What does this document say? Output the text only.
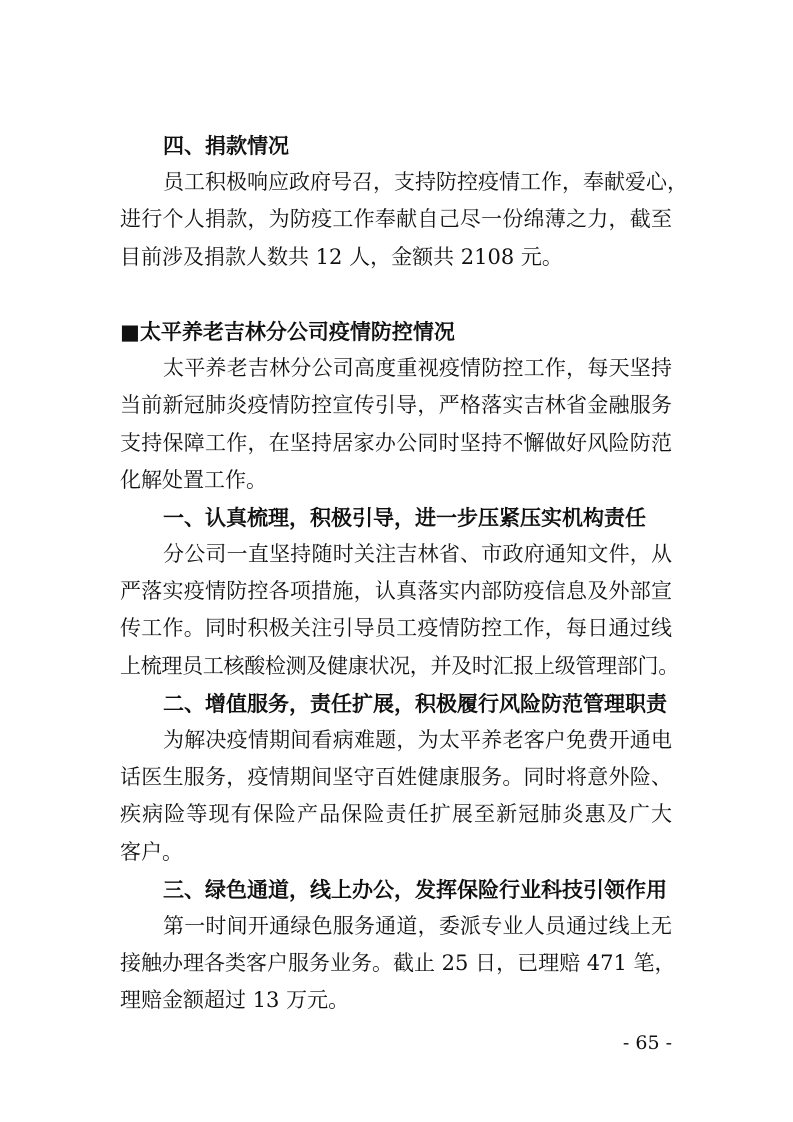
四、捐款情况
员工积极响应政府号召，支持防控疫情工作，奉献爱心，
进行个人捐款，为防疫工作奉献自己尽一份绵薄之力，截至
目前涉及捐款人数共 12 人，金额共 2108 元。
■太平养老吉林分公司疫情防控情况
太平养老吉林分公司高度重视疫情防控工作，每天坚持
当前新冠肺炎疫情防控宣传引导，严格落实吉林省金融服务
支持保障工作，在坚持居家办公同时坚持不懈做好风险防范
化解处置工作。
一、认真梳理，积极引导，进一步压紧压实机构责任
分公司一直坚持随时关注吉林省、市政府通知文件，从
严落实疫情防控各项措施，认真落实内部防疫信息及外部宣
传工作。同时积极关注引导员工疫情防控工作，每日通过线
上梳理员工核酸检测及健康状况，并及时汇报上级管理部门。
二、增值服务，责任扩展，积极履行风险防范管理职责
为解决疫情期间看病难题，为太平养老客户免费开通电
话医生服务，疫情期间坚守百姓健康服务。同时将意外险、
疾病险等现有保险产品保险责任扩展至新冠肺炎惠及广大
客户。
三、绿色通道，线上办公，发挥保险行业科技引领作用
第一时间开通绿色服务通道，委派专业人员通过线上无
接触办理各类客户服务业务。截止 25 日，已理赔 471 笔，
理赔金额超过 13 万元。
- 65 -
